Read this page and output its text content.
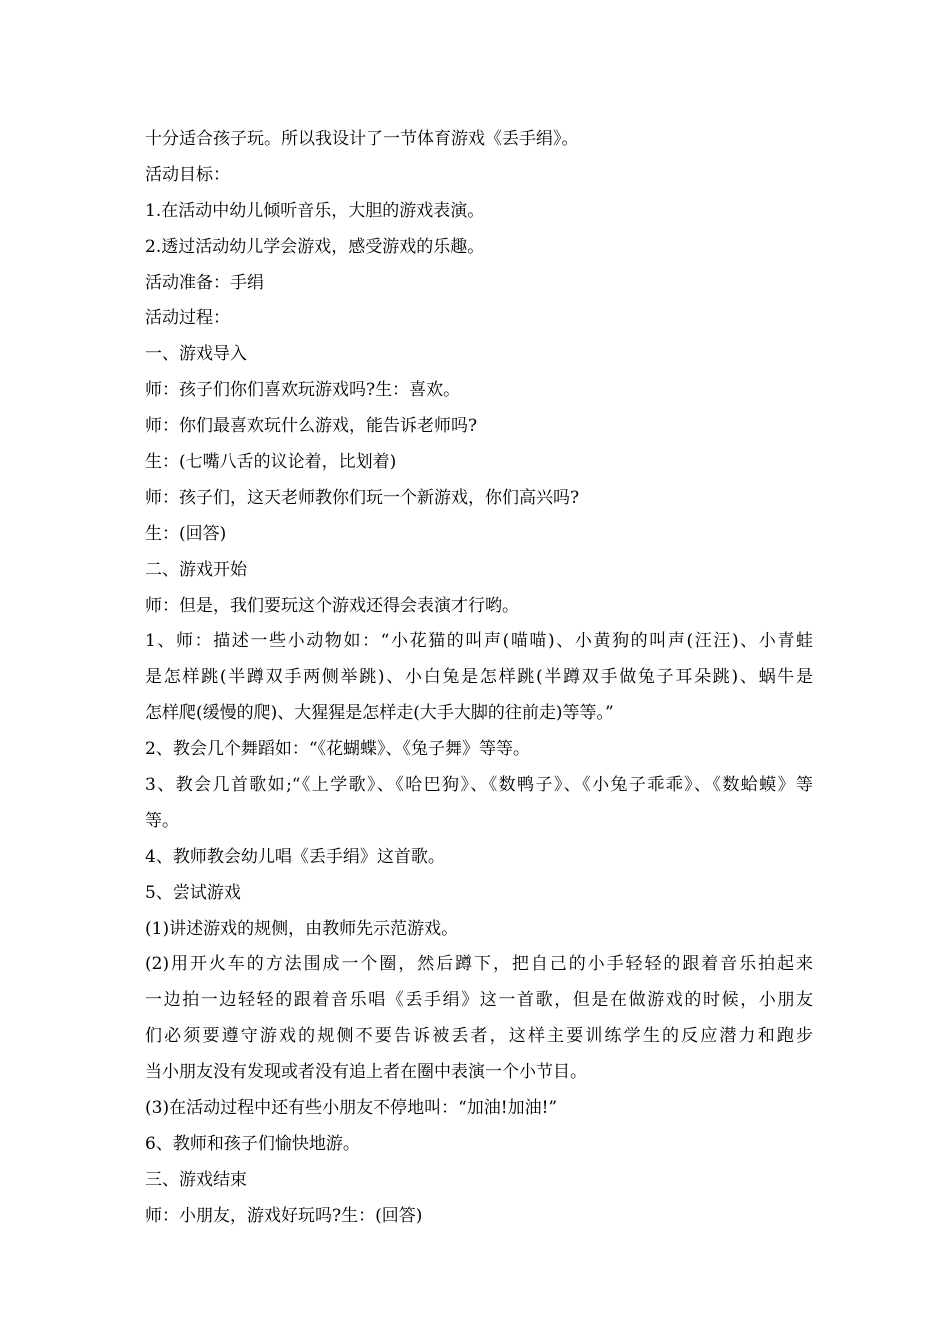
十分适合孩子玩。所以我设计了一节体育游戏《丢手绢》。
活动目标：
1.在活动中幼儿倾听音乐，大胆的游戏表演。
2.透过活动幼儿学会游戏，感受游戏的乐趣。
活动准备：手绢
活动过程：
一、游戏导入
师：孩子们你们喜欢玩游戏吗?生：喜欢。
师：你们最喜欢玩什么游戏，能告诉老师吗?
生：(七嘴八舌的议论着，比划着)
师：孩子们，这天老师教你们玩一个新游戏，你们高兴吗?
生：(回答)
二、游戏开始
师：但是，我们要玩这个游戏还得会表演才行哟。
1、师：描述一些小动物如：“小花猫的叫声(喵喵)、小黄狗的叫声(汪汪)、小青蛙
是怎样跳(半蹲双手两侧举跳)、小白兔是怎样跳(半蹲双手做兔子耳朵跳)、蜗牛是
怎样爬(缓慢的爬)、大猩猩是怎样走(大手大脚的往前走)等等。”
2、教会几个舞蹈如：“《花蝴蝶》、《兔子舞》等等。
3、教会几首歌如;“《上学歌》、《哈巴狗》、《数鸭子》、《小兔子乖乖》、《数蛤蟆》等
等。
4、教师教会幼儿唱《丢手绢》这首歌。
5、尝试游戏
(1)讲述游戏的规侧，由教师先示范游戏。
(2)用开火车的方法围成一个圈，然后蹲下，把自己的小手轻轻的跟着音乐拍起来
一边拍一边轻轻的跟着音乐唱《丢手绢》这一首歌，但是在做游戏的时候，小朋友
们必须要遵守游戏的规侧不要告诉被丢者，这样主要训练学生的反应潜力和跑步
当小朋友没有发现或者没有追上者在圈中表演一个小节目。
(3)在活动过程中还有些小朋友不停地叫：“加油!加油!”
6、教师和孩子们愉快地游。
三、游戏结束
师：小朋友，游戏好玩吗?生：(回答)
